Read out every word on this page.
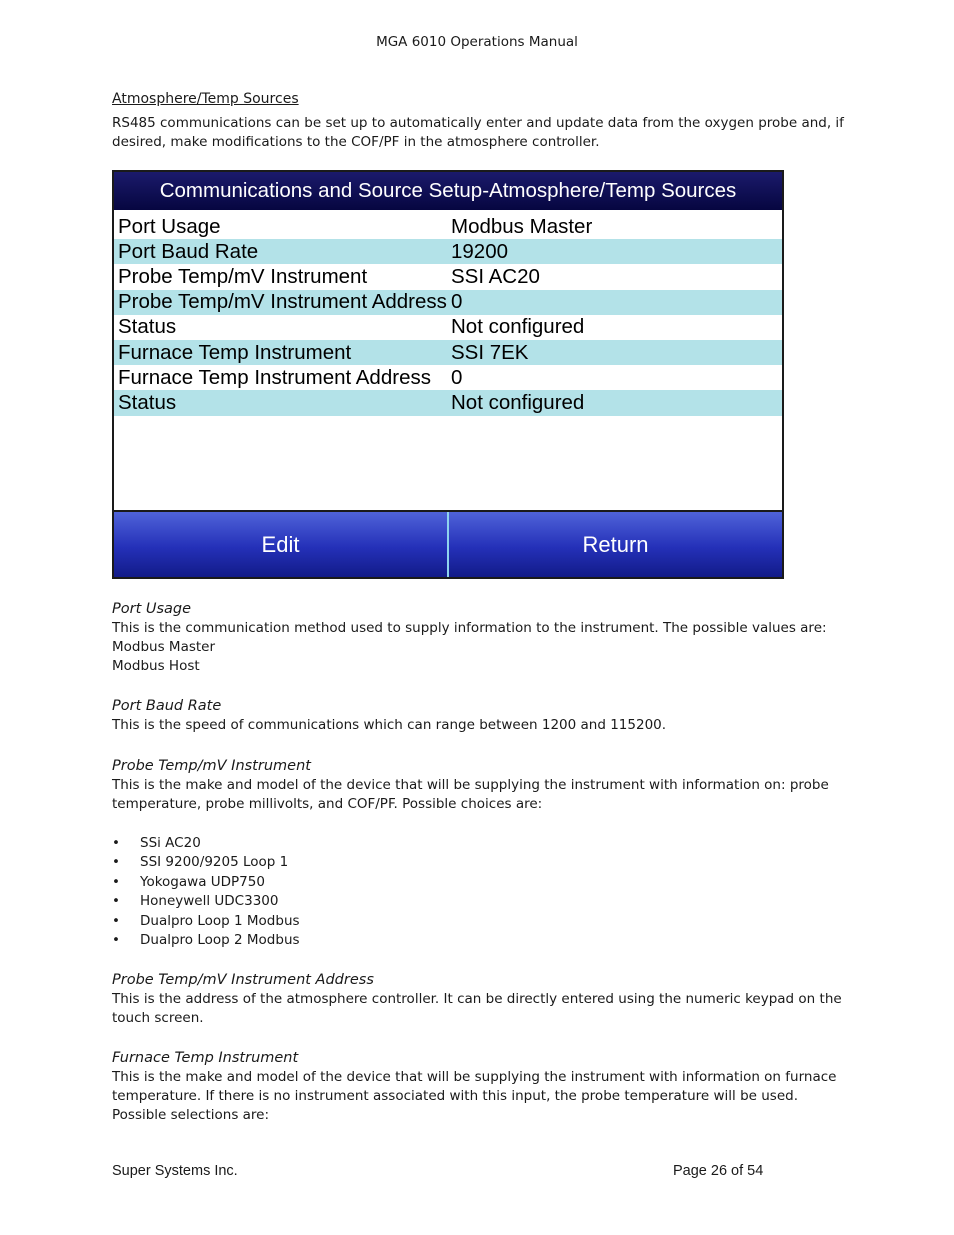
MGA 6010 Operations Manual
Atmosphere/Temp Sources

RS485 communications can be set up to automatically enter and update data from the oxygen probe and, if desired, make modifications to the COF/PF in the atmosphere controller.

Communications and Source Setup-Atmosphere/Temp Sources
Port Usage	Modbus Master
Port Baud Rate	19200
Probe Temp/mV Instrument	SSI AC20
Probe Temp/mV Instrument Address 0
Status	Not configured
Furnace Temp Instrument	SSI 7EK
Furnace Temp Instrument Address 0
Status	Not configured
Edit	Return
Port Usage

This is the communication method used to supply information to the instrument. The possible values are:

Modbus Master

Modbus Host

Port Baud Rate

This is the speed of communications which can range between 1200 and 115200.

Probe Temp/mV Instrument

This is the make and model of the device that will be supplying the instrument with information on: probe temperature, probe millivolts, and COF/PF. Possible choices are:

• SSi AC20
• SSI 9200/9205 Loop 1
• Yokogawa UDP750
• Honeywell UDC3300
• Dualpro Loop 1 Modbus
• Dualpro Loop 2 Modbus
Probe Temp/mV Instrument Address

This is the address of the atmosphere controller. It can be directly entered using the numeric keypad on the touch screen.

Furnace Temp Instrument

This is the make and model of the device that will be supplying the instrument with information on furnace temperature. If there is no instrument associated with this input, the probe temperature will be used. Possible selections are:

Super Systems Inc.	Page 26 of 54
